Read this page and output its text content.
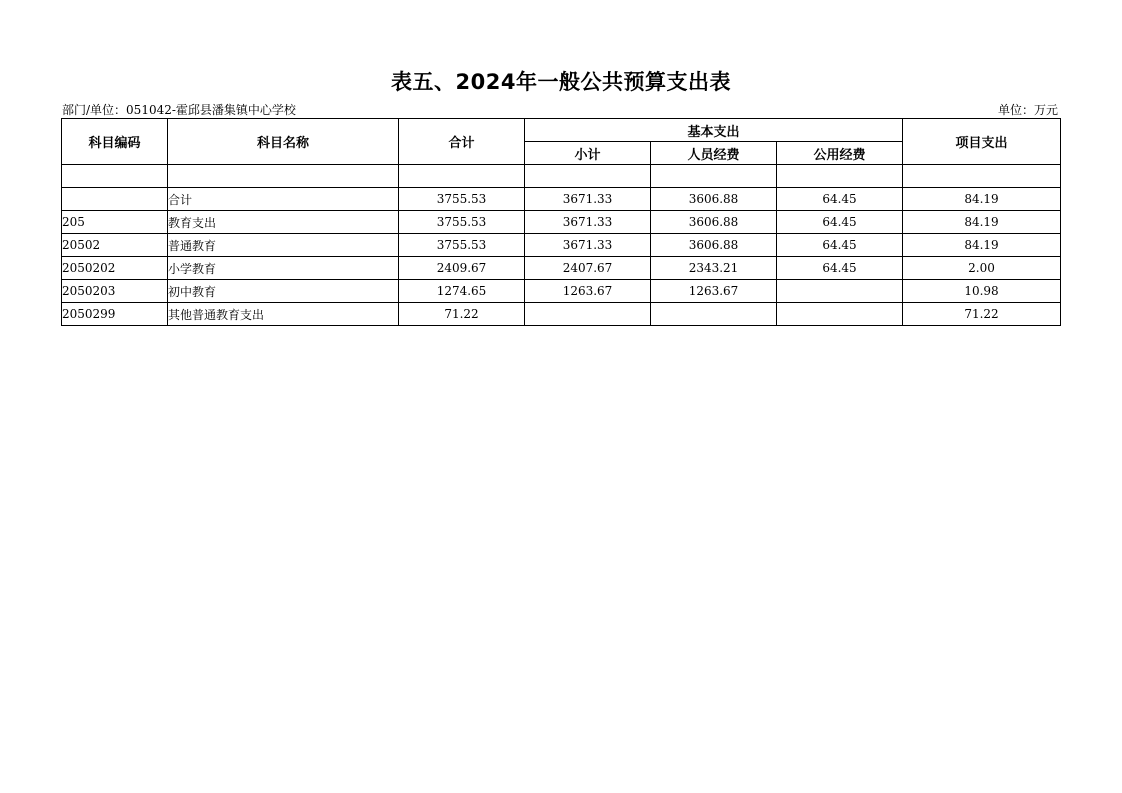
表五、2024年一般公共预算支出表
部门/单位：051042-霍邱县潘集镇中心学校	单位：万元
科目编码	科目名称	合计	基本支出			项目支出
			小计	人员经费	公用经费	

	合计	3755.53	3671.33	3606.88	64.45	84.19
205	教育支出	3755.53	3671.33	3606.88	64.45	84.19
20502	普通教育	3755.53	3671.33	3606.88	64.45	84.19
2050202	小学教育	2409.67	2407.67	2343.21	64.45	2.00
2050203	初中教育	1274.65	1263.67	1263.67		10.98
2050299	其他普通教育支出	71.22				71.22
